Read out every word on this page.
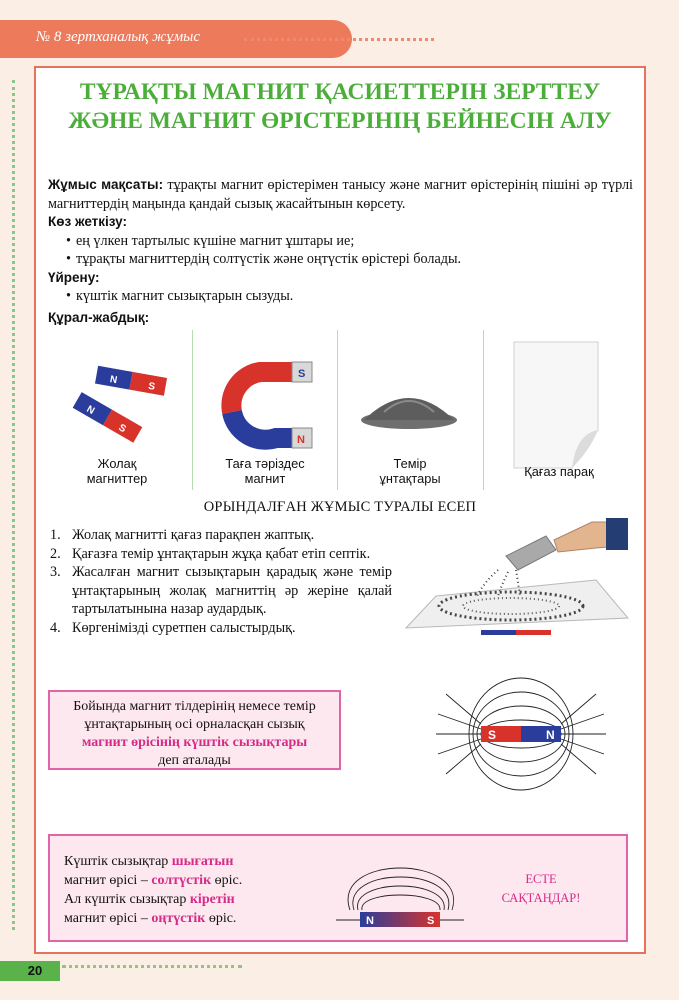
№ 8 зертханалық жұмыс
ТҰРАҚТЫ МАГНИТ ҚАСИЕТТЕРІН ЗЕРТТЕУ
ЖӘНЕ МАГНИТ ӨРІСТЕРІНІҢ БЕЙНЕСІН АЛУ

Жұмыс мақсаты: тұрақты магнит өрістерімен танысу және магнит өрістерінің пішіні әр түрлі магниттердің маңында қандай сызық жасайтынын көрсету.

Көз жеткізу:

• ең үлкен тартылыс күшіне магнит ұштары ие;

• тұрақты магниттердің солтүстік және оңтүстік өрістері болады.

Үйрену:

• күштік магнит сызықтарын сызуды.

Құрал-жабдық:
N
S
N
S
S
N
Жолақ
магниттер
Таға тәріздес
магнит
Темір
ұнтақтары	Қағаз парақ
ОРЫНДАЛҒАН ЖҰМЫС ТУРАЛЫ ЕСЕП
1. Жолақ магнитті қағаз парақпен жаптық.
2. Қағазға темір ұнтақтарын жұқа қабат етіп септік.
3. Жасалған магнит сызықтарын қарадық және темір ұнтақтарының жолақ магниттің әр жеріне қалай тартылатынына назар аудардық.
4. Көргенімізді суретпен салыстырдық.
Бойында магнит тілдерінің немесе темір
ұнтақтарының осі орналасқан сызық
магнит өрісінің күштік сызықтары
деп аталады
S	N
Күштік сызықтар шығатын
магнит өрісі – солтүстік өріс.
Ал күштік сызықтар кіретін
магнит өрісі – оңтүстік өріс.	N	S
ЕСТЕ
САҚТАҢДАР!
20
